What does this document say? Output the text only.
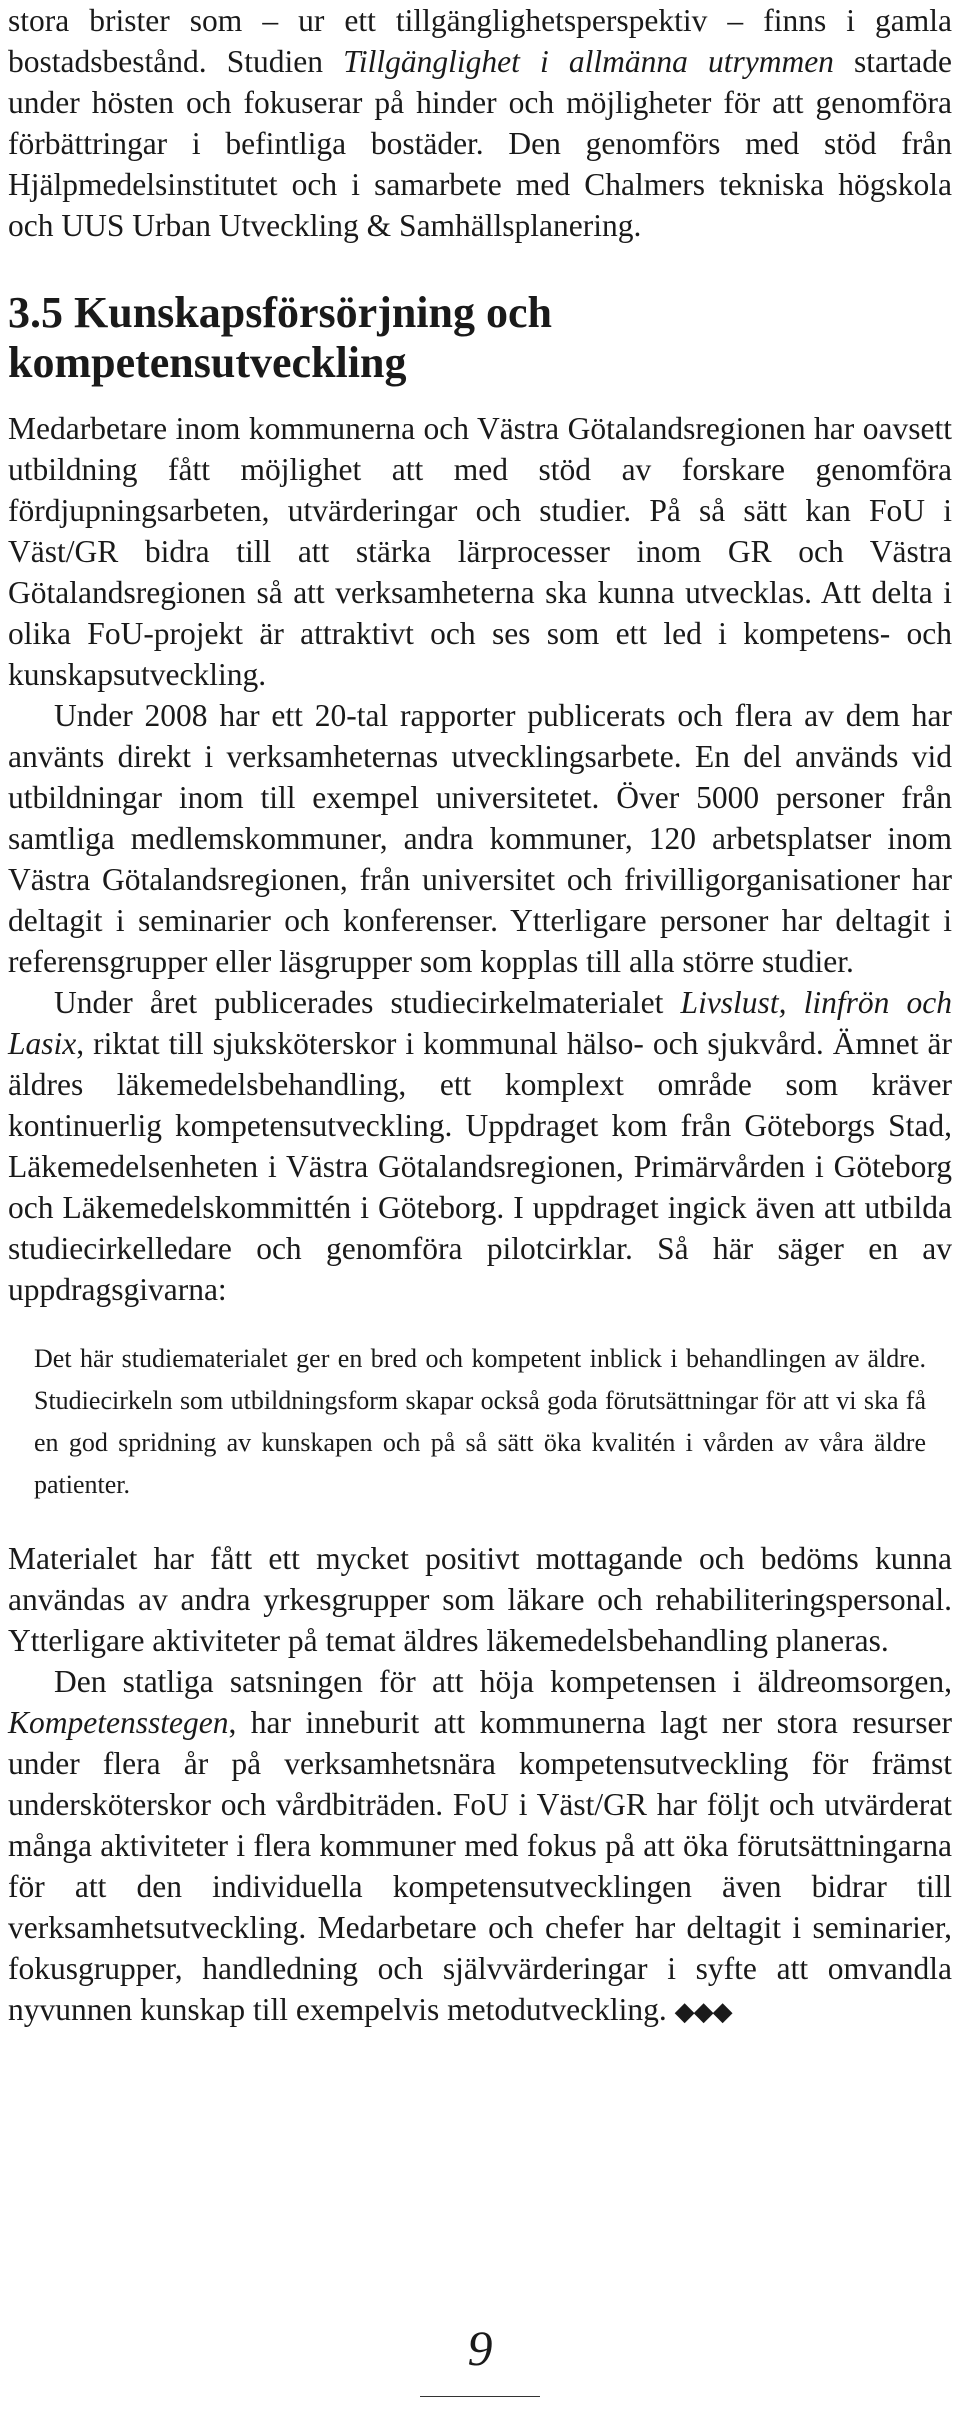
stora brister som – ur ett tillgänglighetsperspektiv – finns i gamla bostadsbestånd. Studien Tillgänglighet i allmänna utrymmen startade under hösten och fokuserar på hinder och möjligheter för att genomföra förbättringar i befintliga bostäder. Den genomförs med stöd från Hjälpmedelsinstitutet och i samarbete med Chalmers tekniska högskola och UUS Urban Utveckling & Samhällsplanering.

3.5 Kunskapsförsörjning och kompetensutveckling

Medarbetare inom kommunerna och Västra Götalandsregionen har oavsett utbildning fått möjlighet att med stöd av forskare genomföra fördjupningsarbeten, utvärderingar och studier. På så sätt kan FoU i Väst/GR bidra till att stärka lärprocesser inom GR och Västra Götalandsregionen så att verksamheterna ska kunna utvecklas. Att delta i olika FoU-projekt är attraktivt och ses som ett led i kompetens- och kunskapsutveckling.

Under 2008 har ett 20-tal rapporter publicerats och flera av dem har använts direkt i verksamheternas utvecklingsarbete. En del används vid utbildningar inom till exempel universitetet. Över 5000 personer från samtliga medlemskommuner, andra kommuner, 120 arbetsplatser inom Västra Götalandsregionen, från universitet och frivilligorganisationer har deltagit i seminarier och konferenser. Ytterligare personer har deltagit i referensgrupper eller läsgrupper som kopplas till alla större studier.

Under året publicerades studiecirkelmaterialet Livslust, linfrön och Lasix, riktat till sjuksköterskor i kommunal hälso- och sjukvård. Ämnet är äldres läkemedelsbehandling, ett komplext område som kräver kontinuerlig kompetensutveckling. Uppdraget kom från Göteborgs Stad, Läkemedelsenheten i Västra Götalandsregionen, Primärvården i Göteborg och Läkemedelskommittén i Göteborg. I uppdraget ingick även att utbilda studiecirkelledare och genomföra pilotcirklar. Så här säger en av uppdragsgivarna:

Det här studiematerialet ger en bred och kompetent inblick i behandlingen av äldre. Studiecirkeln som utbildningsform skapar också goda förutsättningar för att vi ska få en god spridning av kunskapen och på så sätt öka kvalitén i vården av våra äldre patienter.

Materialet har fått ett mycket positivt mottagande och bedöms kunna användas av andra yrkesgrupper som läkare och rehabiliteringspersonal. Ytterligare aktiviteter på temat äldres läkemedelsbehandling planeras.

Den statliga satsningen för att höja kompetensen i äldreomsorgen, Kompetensstegen, har inneburit att kommunerna lagt ner stora resurser under flera år på verksamhetsnära kompetensutveckling för främst undersköterskor och vårdbiträden. FoU i Väst/GR har följt och utvärderat många aktiviteter i flera kommuner med fokus på att öka förutsättningarna för att den individuella kompetensutvecklingen även bidrar till verksamhetsutveckling. Medarbetare och chefer har deltagit i seminarier, fokusgrupper, handledning och självvärderingar i syfte att omvandla nyvunnen kunskap till exempelvis metodutveckling. ◆◆◆

9
